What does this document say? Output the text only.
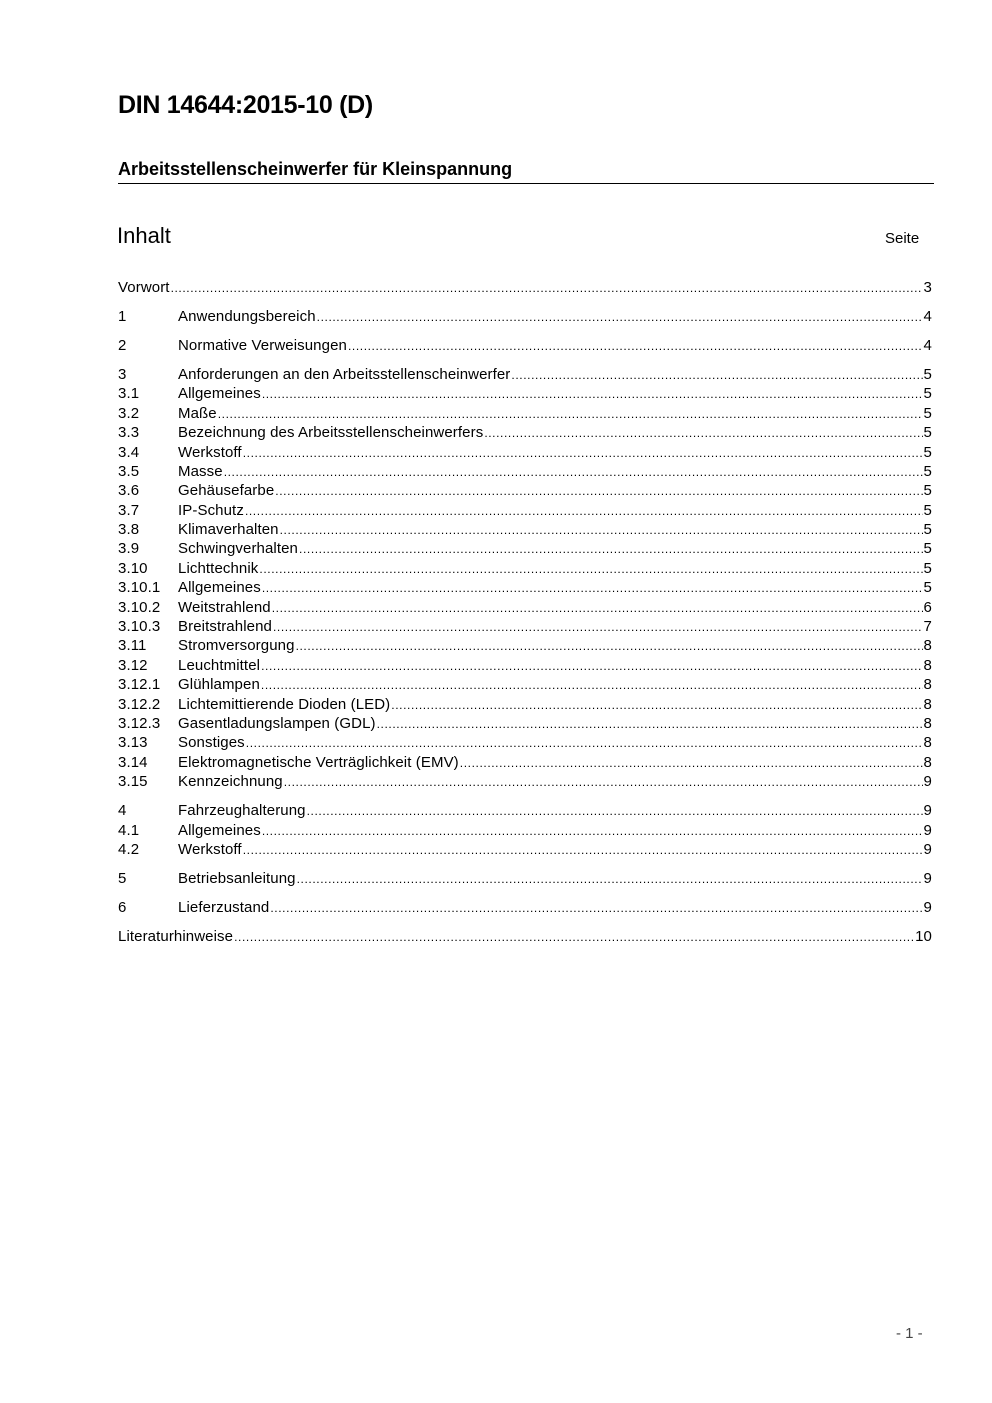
DIN 14644:2015-10 (D)
Arbeitsstellenscheinwerfer für Kleinspannung
Inhalt	Seite
Vorwort .....	3
1	Anwendungsbereich .....	4
2	Normative Verweisungen .....	4
3	Anforderungen an den Arbeitsstellenscheinwerfer .....	5
3.1	Allgemeines .....	5
3.2	Maße .....	5
3.3	Bezeichnung des Arbeitsstellenscheinwerfers .....	5
3.4	Werkstoff .....	5
3.5	Masse .....	5
3.6	Gehäusefarbe .....	5
3.7	IP-Schutz .....	5
3.8	Klimaverhalten .....	5
3.9	Schwingverhalten .....	5
3.10	Lichttechnik .....	5
3.10.1	Allgemeines .....	5
3.10.2	Weitstrahlend .....	6
3.10.3	Breitstrahlend .....	7
3.11	Stromversorgung .....	8
3.12	Leuchtmittel .....	8
3.12.1	Glühlampen .....	8
3.12.2	Lichtemittierende Dioden (LED) .....	8
3.12.3	Gasentladungslampen (GDL) .....	8
3.13	Sonstiges .....	8
3.14	Elektromagnetische Verträglichkeit (EMV) .....	8
3.15	Kennzeichnung .....	9
4	Fahrzeughalterung .....	9
4.1	Allgemeines .....	9
4.2	Werkstoff .....	9
5	Betriebsanleitung .....	9
6	Lieferzustand .....	9
Literaturhinweise .....	10
- 1 -
